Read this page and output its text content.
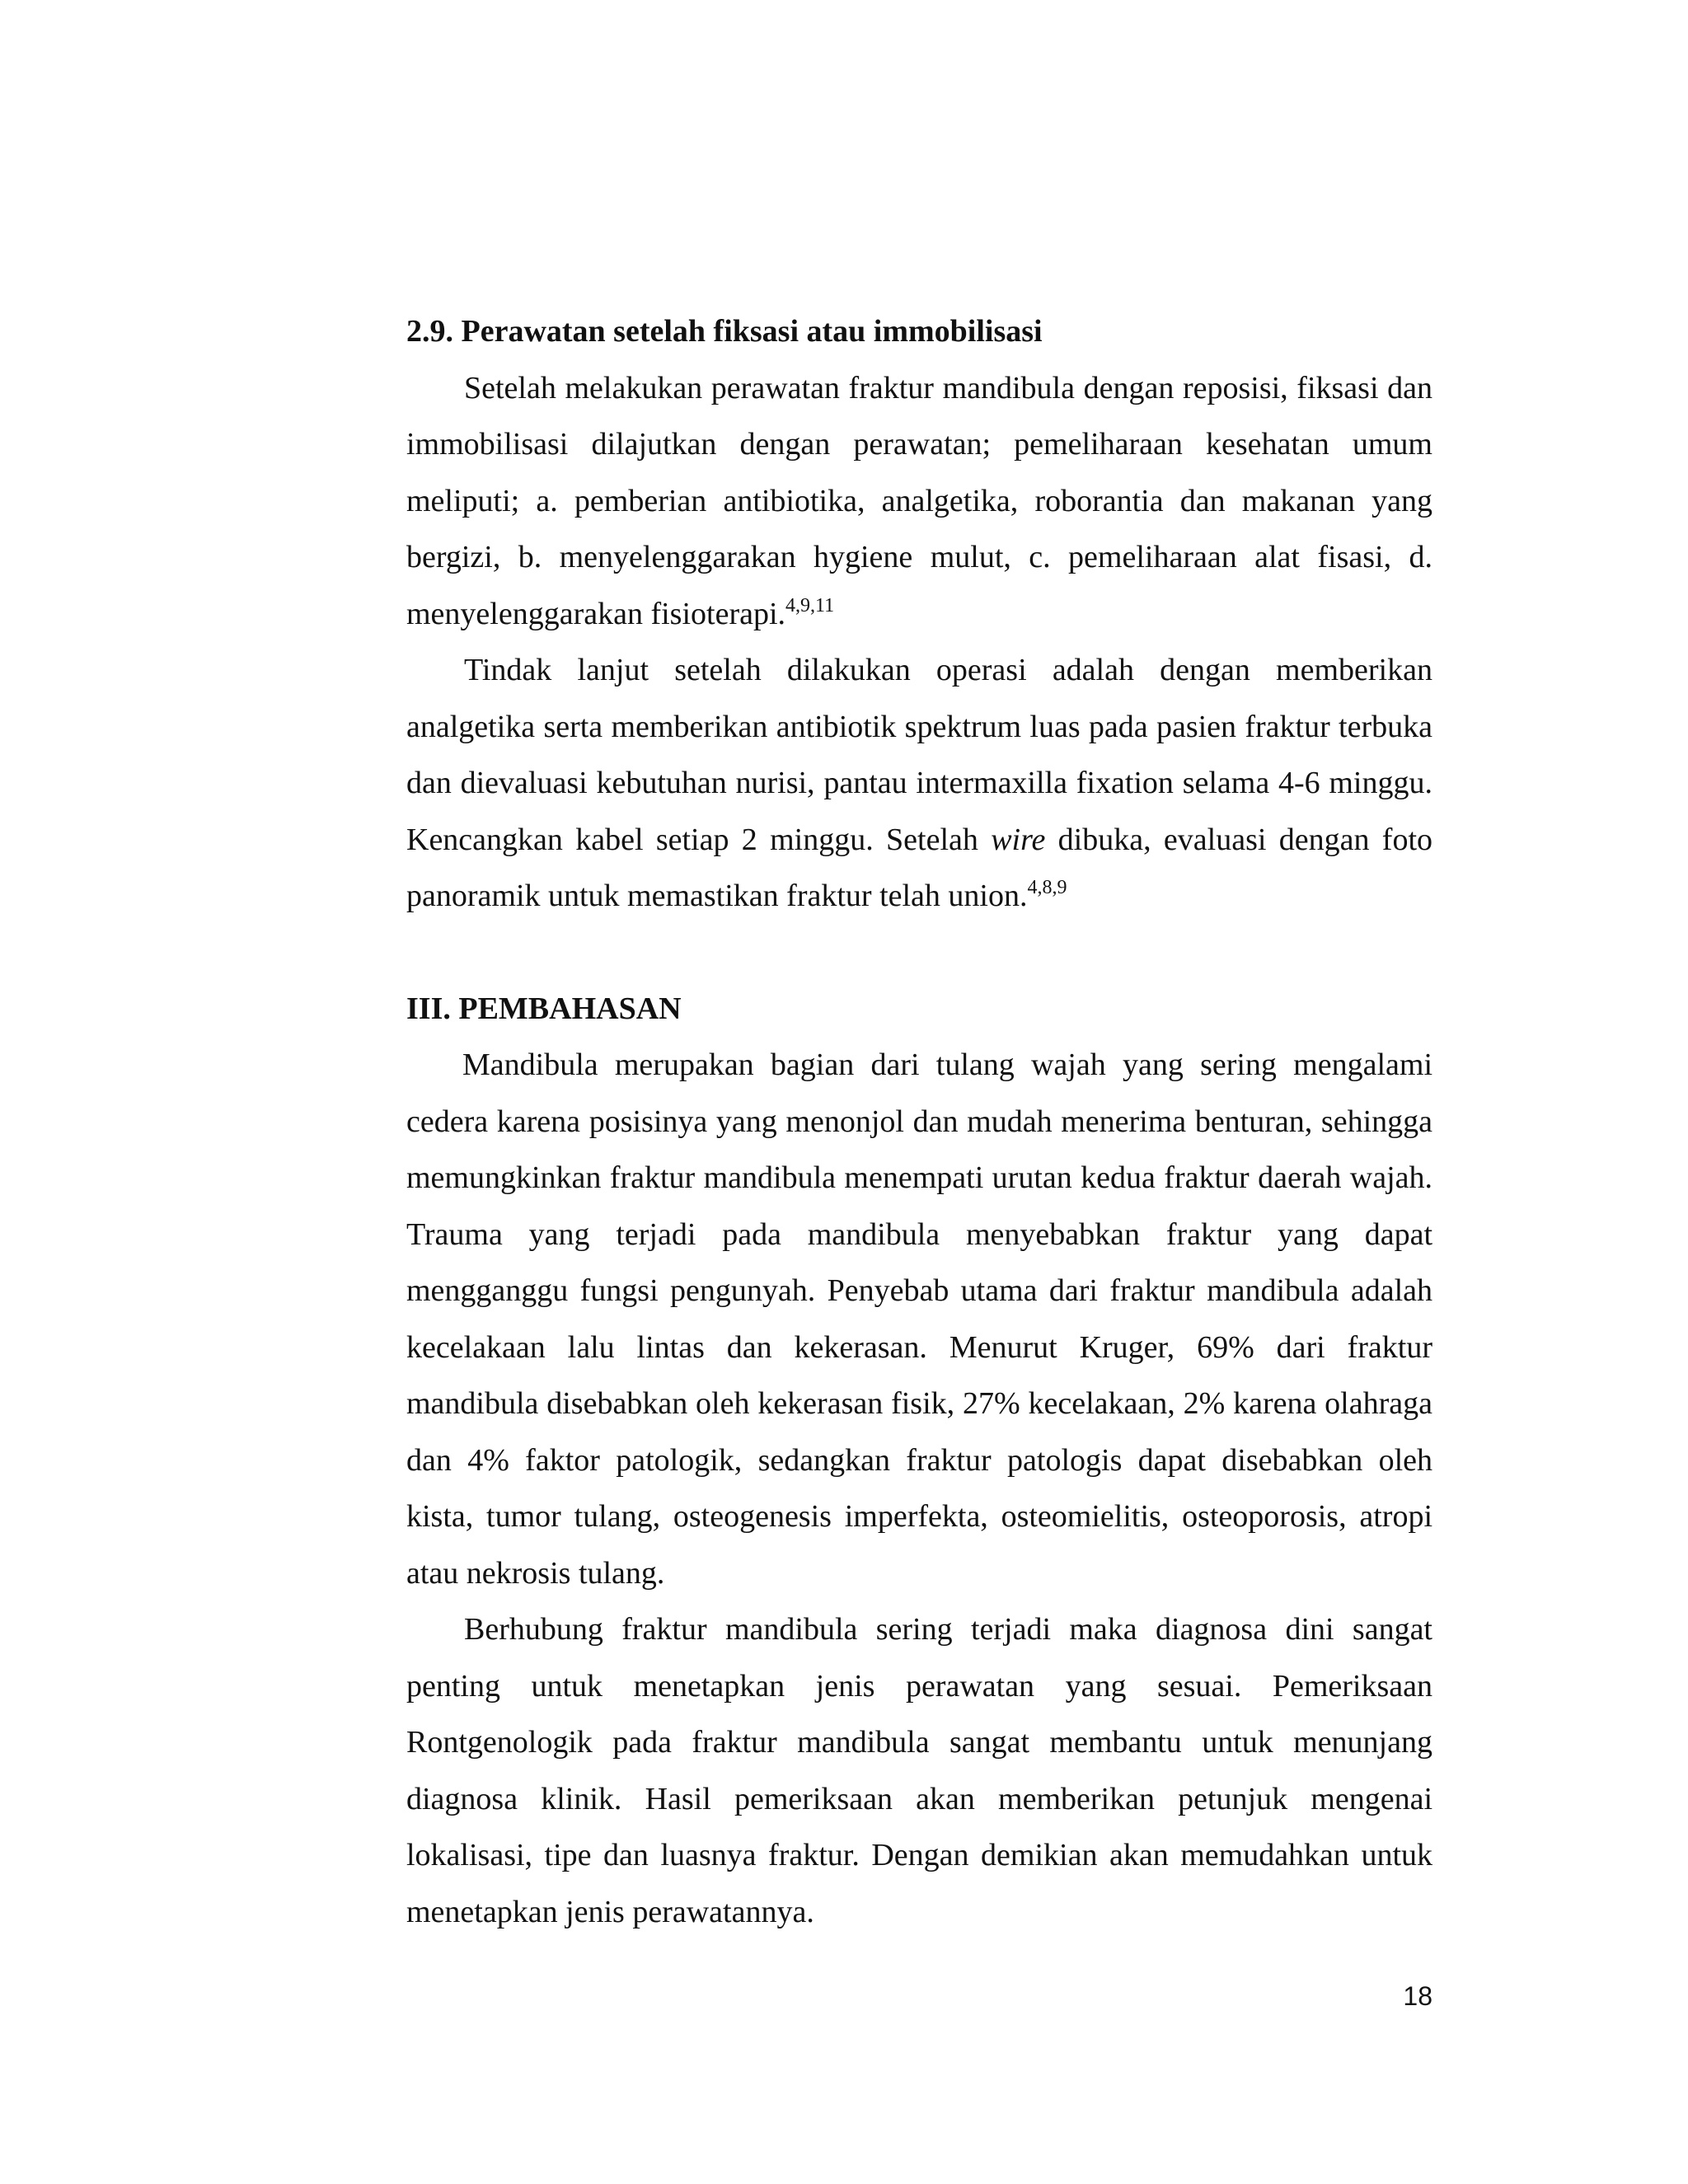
2.9. Perawatan setelah fiksasi atau immobilisasi

Setelah melakukan perawatan fraktur mandibula dengan reposisi, fiksasi dan immobilisasi dilajutkan dengan perawatan; pemeliharaan kesehatan umum meliputi; a. pemberian antibiotika, analgetika, roborantia dan makanan yang bergizi, b. menyelenggarakan hygiene mulut, c. pemeliharaan alat fisasi, d. menyelenggarakan fisioterapi.$^{4,9,11}$

Tindak lanjut setelah dilakukan operasi adalah dengan memberikan analgetika serta memberikan antibiotik spektrum luas pada pasien fraktur terbuka dan dievaluasi kebutuhan nurisi, pantau intermaxilla fixation selama 4-6 minggu. Kencangkan kabel setiap 2 minggu. Setelah wire dibuka, evaluasi dengan foto panoramik untuk memastikan fraktur telah union.$^{4,8,9}$

III. PEMBAHASAN

Mandibula merupakan bagian dari tulang wajah yang sering mengalami cedera karena posisinya yang menonjol dan mudah menerima benturan, sehingga memungkinkan fraktur mandibula menempati urutan kedua fraktur daerah wajah. Trauma yang terjadi pada mandibula menyebabkan fraktur yang dapat mengganggu fungsi pengunyah. Penyebab utama dari fraktur mandibula adalah kecelakaan lalu lintas dan kekerasan. Menurut Kruger, 69% dari fraktur mandibula disebabkan oleh kekerasan fisik, 27% kecelakaan, 2% karena olahraga dan 4% faktor patologik, sedangkan fraktur patologis dapat disebabkan oleh kista, tumor tulang, osteogenesis imperfekta, osteomielitis, osteoporosis, atropi atau nekrosis tulang.

Berhubung fraktur mandibula sering terjadi maka diagnosa dini sangat penting untuk menetapkan jenis perawatan yang sesuai. Pemeriksaan Rontgenologik pada fraktur mandibula sangat membantu untuk menunjang diagnosa klinik. Hasil pemeriksaan akan memberikan petunjuk mengenai lokalisasi, tipe dan luasnya fraktur. Dengan demikian akan memudahkan untuk menetapkan jenis perawatannya.

18
